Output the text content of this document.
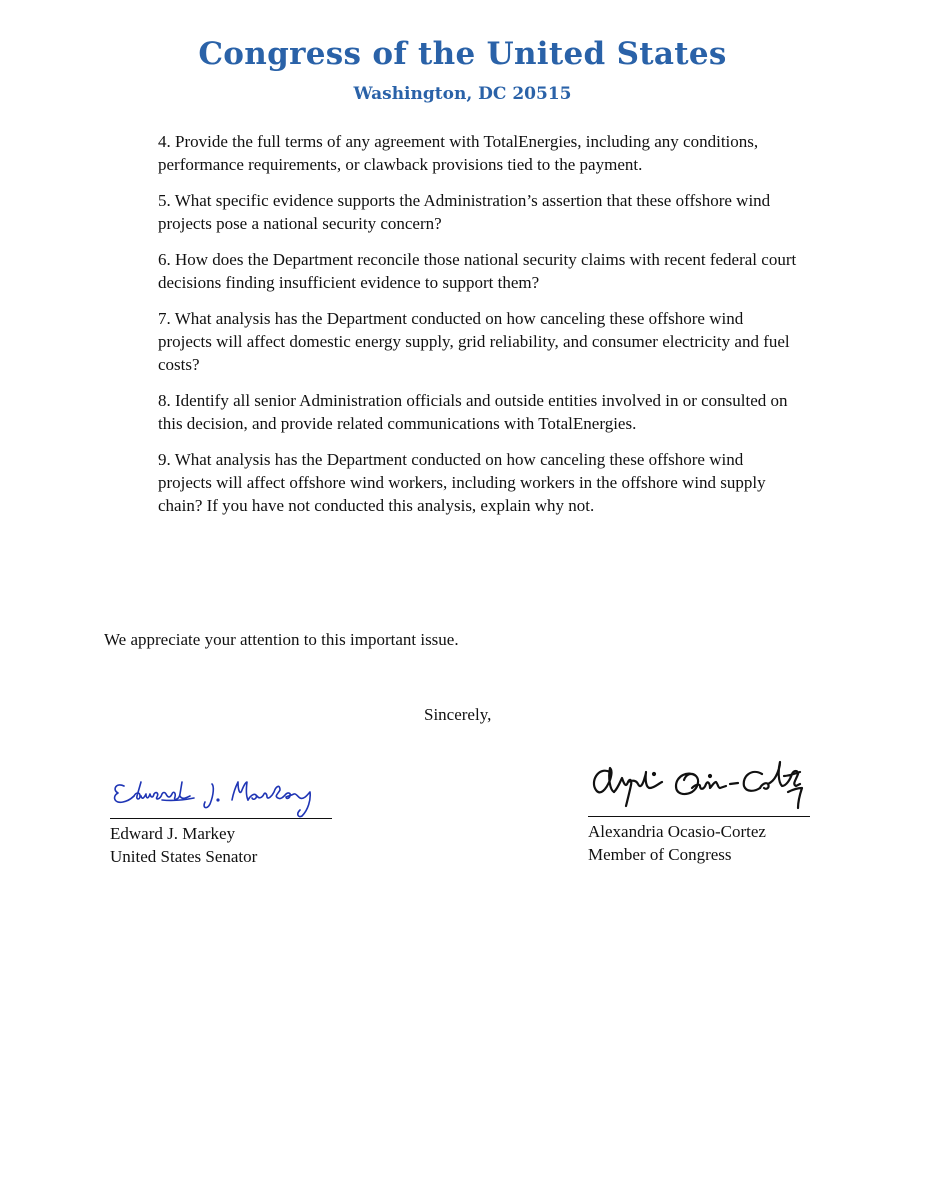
Congress of the United States
Washington, DC 20515

4. Provide the full terms of any agreement with TotalEnergies, including any conditions, performance requirements, or clawback provisions tied to the payment.

5. What specific evidence supports the Administration’s assertion that these offshore wind projects pose a national security concern?

6. How does the Department reconcile those national security claims with recent federal court decisions finding insufficient evidence to support them?

7. What analysis has the Department conducted on how canceling these offshore wind projects will affect domestic energy supply, grid reliability, and consumer electricity and fuel costs?

8. Identify all senior Administration officials and outside entities involved in or consulted on this decision, and provide related communications with TotalEnergies.

9. What analysis has the Department conducted on how canceling these offshore wind projects will affect offshore wind workers, including workers in the offshore wind supply chain? If you have not conducted this analysis, explain why not.

We appreciate your attention to this important issue.
Sincerely,
Edward J. Markey
United States Senator
Alexandria Ocasio-Cortez
Member of Congress
